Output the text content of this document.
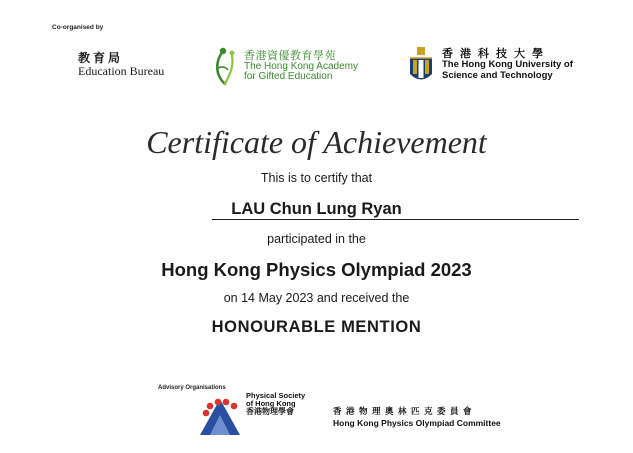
Co-organised by
教育局
Education Bureau
香港資優教育學苑
The Hong Kong Academy
for Gifted Education
香港科技大學
The Hong Kong University of
Science and Technology
Certificate of Achievement
This is to certify that
LAU Chun Lung Ryan
participated in the
Hong Kong Physics Olympiad 2023
on 14 May 2023 and received the
HONOURABLE MENTION
Advisory Organisations
Physical Society
of Hong Kong
香港物理學會	香港物理奧林匹克委員會
Hong Kong Physics Olympiad Committee
